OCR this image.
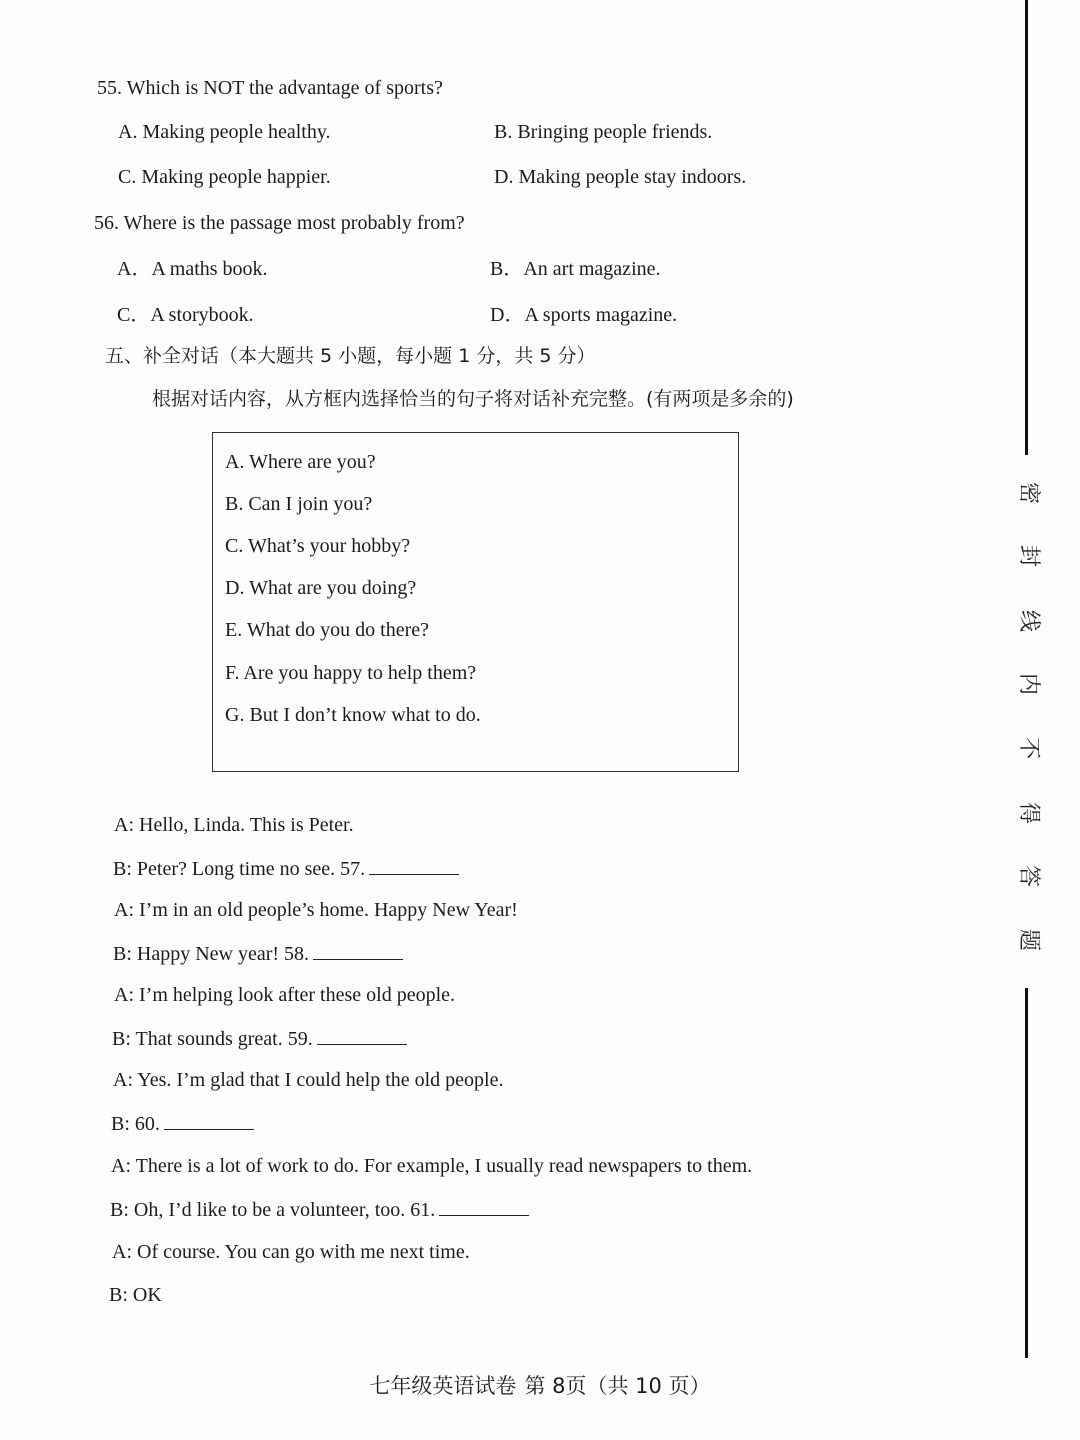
55. Which is NOT the advantage of sports?
A. Making people healthy.	B. Bringing people friends.
C. Making people happier.	D. Making people stay indoors.
56. Where is the passage most probably from?
A．A maths book.	B．An art magazine.
C．A storybook.	D．A sports magazine.
五、补全对话（本大题共 5 小题，每小题 1 分，共 5 分）
根据对话内容，从方框内选择恰当的句子将对话补充完整。(有两项是多余的)
A. Where are you?
B. Can I join you?
C. What’s your hobby?
D. What are you doing?
E. What do you do there?
F. Are you happy to help them?
G. But I don’t know what to do.
A: Hello, Linda. This is Peter.
B: Peter? Long time no see. 57.
A: I’m in an old people’s home. Happy New Year!
B: Happy New year! 58.
A: I’m helping look after these old people.
B: That sounds great. 59.
A: Yes. I’m glad that I could help the old people.
B: 60.
A: There is a lot of work to do. For example, I usually read newspapers to them.
B: Oh, I’d like to be a volunteer, too. 61.
A: Of course. You can go with me next time.
B: OK
密
封
线
内
不
得
答
题
七年级英语试卷 第 8页（共 10 页）
